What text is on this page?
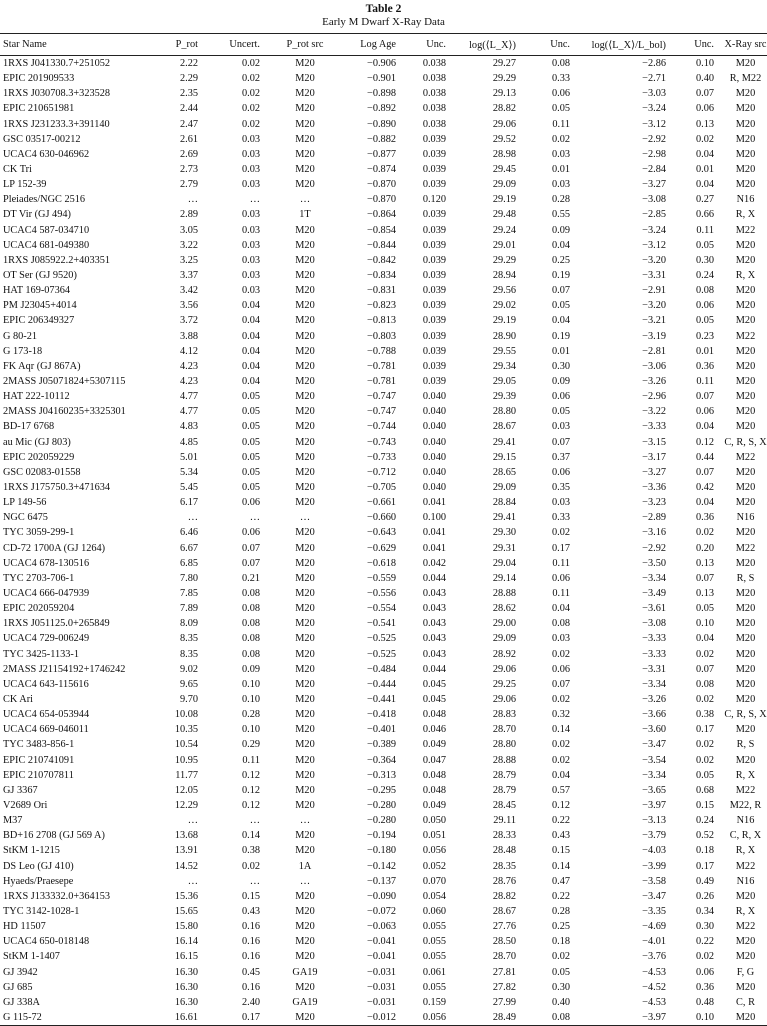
Table 2
Early M Dwarf X-Ray Data
Star Name	P_rot	Uncert.	P_rot src	Log Age	Unc.	log(⟨L_X⟩)	Unc.	log(⟨L_X⟩/L_bol)	Unc.	X-Ray src
1RXS J041330.7+251052	2.22	0.02	M20	−0.906	0.038	29.27	0.08	−2.86	0.10	M20
EPIC 201909533	2.29	0.02	M20	−0.901	0.038	29.29	0.33	−2.71	0.40	R, M22
1RXS J030708.3+323528	2.35	0.02	M20	−0.898	0.038	29.13	0.06	−3.03	0.07	M20
EPIC 210651981	2.44	0.02	M20	−0.892	0.038	28.82	0.05	−3.24	0.06	M20
1RXS J231233.3+391140	2.47	0.02	M20	−0.890	0.038	29.06	0.11	−3.12	0.13	M20
GSC 03517-00212	2.61	0.03	M20	−0.882	0.039	29.52	0.02	−2.92	0.02	M20
UCAC4 630-046962	2.69	0.03	M20	−0.877	0.039	28.98	0.03	−2.98	0.04	M20
CK Tri	2.73	0.03	M20	−0.874	0.039	29.45	0.01	−2.84	0.01	M20
LP 152-39	2.79	0.03	M20	−0.870	0.039	29.09	0.03	−3.27	0.04	M20
Pleiades/NGC 2516	…	…	…	−0.870	0.120	29.19	0.28	−3.08	0.27	N16
DT Vir (GJ 494)	2.89	0.03	1T	−0.864	0.039	29.48	0.55	−2.85	0.66	R, X
UCAC4 587-034710	3.05	0.03	M20	−0.854	0.039	29.24	0.09	−3.24	0.11	M22
UCAC4 681-049380	3.22	0.03	M20	−0.844	0.039	29.01	0.04	−3.12	0.05	M20
1RXS J085922.2+403351	3.25	0.03	M20	−0.842	0.039	29.29	0.25	−3.20	0.30	M20
OT Ser (GJ 9520)	3.37	0.03	M20	−0.834	0.039	28.94	0.19	−3.31	0.24	R, X
HAT 169-07364	3.42	0.03	M20	−0.831	0.039	29.56	0.07	−2.91	0.08	M20
PM J23045+4014	3.56	0.04	M20	−0.823	0.039	29.02	0.05	−3.20	0.06	M20
EPIC 206349327	3.72	0.04	M20	−0.813	0.039	29.19	0.04	−3.21	0.05	M20
G 80-21	3.88	0.04	M20	−0.803	0.039	28.90	0.19	−3.19	0.23	M22
G 173-18	4.12	0.04	M20	−0.788	0.039	29.55	0.01	−2.81	0.01	M20
FK Aqr (GJ 867A)	4.23	0.04	M20	−0.781	0.039	29.34	0.30	−3.06	0.36	M20
2MASS J05071824+5307115	4.23	0.04	M20	−0.781	0.039	29.05	0.09	−3.26	0.11	M20
HAT 222-10112	4.77	0.05	M20	−0.747	0.040	29.39	0.06	−2.96	0.07	M20
2MASS J04160235+3325301	4.77	0.05	M20	−0.747	0.040	28.80	0.05	−3.22	0.06	M20
BD-17 6768	4.83	0.05	M20	−0.744	0.040	28.67	0.03	−3.33	0.04	M20
au Mic (GJ 803)	4.85	0.05	M20	−0.743	0.040	29.41	0.07	−3.15	0.12	C, R, S, X
EPIC 202059229	5.01	0.05	M20	−0.733	0.040	29.15	0.37	−3.17	0.44	M22
GSC 02083-01558	5.34	0.05	M20	−0.712	0.040	28.65	0.06	−3.27	0.07	M20
1RXS J175750.3+471634	5.45	0.05	M20	−0.705	0.040	29.09	0.35	−3.36	0.42	M20
LP 149-56	6.17	0.06	M20	−0.661	0.041	28.84	0.03	−3.23	0.04	M20
NGC 6475	…	…	…	−0.660	0.100	29.41	0.33	−2.89	0.36	N16
TYC 3059-299-1	6.46	0.06	M20	−0.643	0.041	29.30	0.02	−3.16	0.02	M20
CD-72 1700A (GJ 1264)	6.67	0.07	M20	−0.629	0.041	29.31	0.17	−2.92	0.20	M22
UCAC4 678-130516	6.85	0.07	M20	−0.618	0.042	29.04	0.11	−3.50	0.13	M20
TYC 2703-706-1	7.80	0.21	M20	−0.559	0.044	29.14	0.06	−3.34	0.07	R, S
UCAC4 666-047939	7.85	0.08	M20	−0.556	0.043	28.88	0.11	−3.49	0.13	M20
EPIC 202059204	7.89	0.08	M20	−0.554	0.043	28.62	0.04	−3.61	0.05	M20
1RXS J051125.0+265849	8.09	0.08	M20	−0.541	0.043	29.00	0.08	−3.08	0.10	M20
UCAC4 729-006249	8.35	0.08	M20	−0.525	0.043	29.09	0.03	−3.33	0.04	M20
TYC 3425-1133-1	8.35	0.08	M20	−0.525	0.043	28.92	0.02	−3.33	0.02	M20
2MASS J21154192+1746242	9.02	0.09	M20	−0.484	0.044	29.06	0.06	−3.31	0.07	M20
UCAC4 643-115616	9.65	0.10	M20	−0.444	0.045	29.25	0.07	−3.34	0.08	M20
CK Ari	9.70	0.10	M20	−0.441	0.045	29.06	0.02	−3.26	0.02	M20
UCAC4 654-053944	10.08	0.28	M20	−0.418	0.048	28.83	0.32	−3.66	0.38	C, R, S, X
UCAC4 669-046011	10.35	0.10	M20	−0.401	0.046	28.70	0.14	−3.60	0.17	M20
TYC 3483-856-1	10.54	0.29	M20	−0.389	0.049	28.80	0.02	−3.47	0.02	R, S
EPIC 210741091	10.95	0.11	M20	−0.364	0.047	28.88	0.02	−3.54	0.02	M20
EPIC 210707811	11.77	0.12	M20	−0.313	0.048	28.79	0.04	−3.34	0.05	R, X
GJ 3367	12.05	0.12	M20	−0.295	0.048	28.79	0.57	−3.65	0.68	M22
V2689 Ori	12.29	0.12	M20	−0.280	0.049	28.45	0.12	−3.97	0.15	M22, R
M37	…	…	…	−0.280	0.050	29.11	0.22	−3.13	0.24	N16
BD+16 2708 (GJ 569 A)	13.68	0.14	M20	−0.194	0.051	28.33	0.43	−3.79	0.52	C, R, X
StKM 1-1215	13.91	0.38	M20	−0.180	0.056	28.48	0.15	−4.03	0.18	R, X
DS Leo (GJ 410)	14.52	0.02	1A	−0.142	0.052	28.35	0.14	−3.99	0.17	M22
Hyaeds/Praesepe	…	…	…	−0.137	0.070	28.76	0.47	−3.58	0.49	N16
1RXS J133332.0+364153	15.36	0.15	M20	−0.090	0.054	28.82	0.22	−3.47	0.26	M20
TYC 3142-1028-1	15.65	0.43	M20	−0.072	0.060	28.67	0.28	−3.35	0.34	R, X
HD 11507	15.80	0.16	M20	−0.063	0.055	27.76	0.25	−4.69	0.30	M22
UCAC4 650-018148	16.14	0.16	M20	−0.041	0.055	28.50	0.18	−4.01	0.22	M20
StKM 1-1407	16.15	0.16	M20	−0.041	0.055	28.70	0.02	−3.76	0.02	M20
GJ 3942	16.30	0.45	GA19	−0.031	0.061	27.81	0.05	−4.53	0.06	F, G
GJ 685	16.30	0.16	M20	−0.031	0.055	27.82	0.30	−4.52	0.36	M20
GJ 338A	16.30	2.40	GA19	−0.031	0.159	27.99	0.40	−4.53	0.48	C, R
G 115-72	16.61	0.17	M20	−0.012	0.056	28.49	0.08	−3.97	0.10	M20
